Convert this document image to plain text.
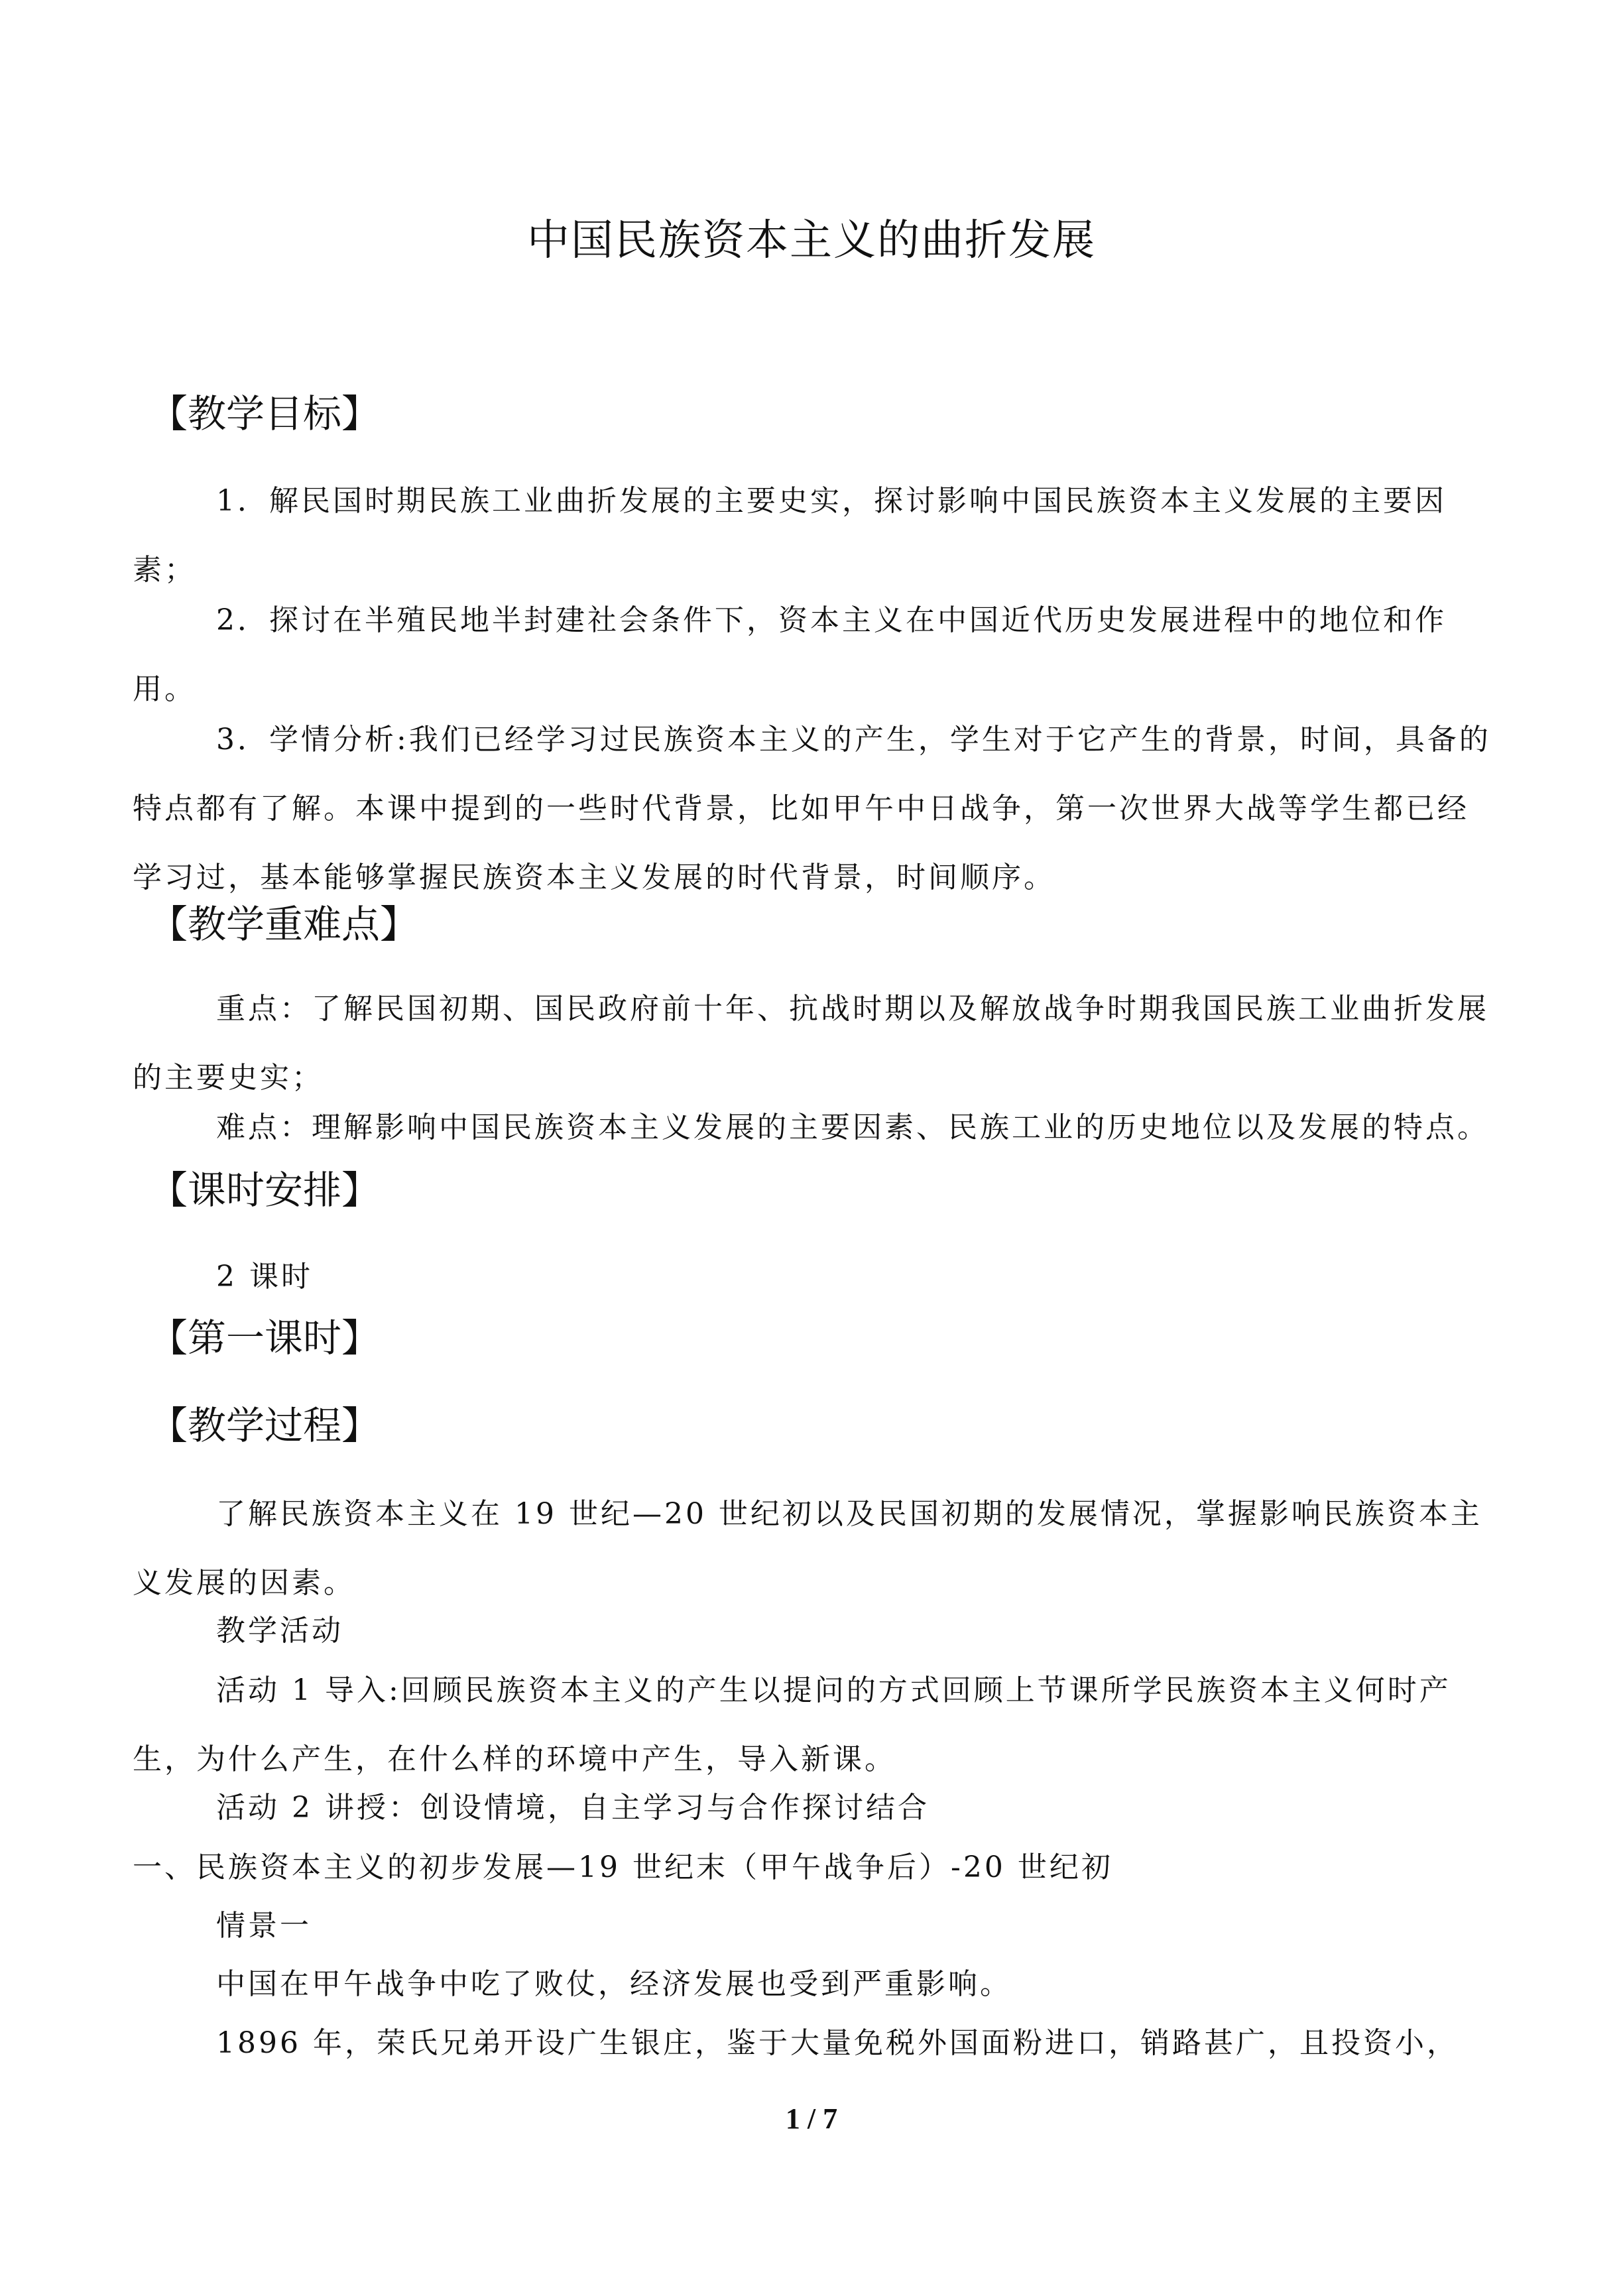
中国民族资本主义的曲折发展
【教学目标】
1．解民国时期民族工业曲折发展的主要史实，探讨影响中国民族资本主义发展的主要因素；
2．探讨在半殖民地半封建社会条件下，资本主义在中国近代历史发展进程中的地位和作用。
3．学情分析:我们已经学习过民族资本主义的产生，学生对于它产生的背景，时间，具备的特点都有了解。本课中提到的一些时代背景，比如甲午中日战争，第一次世界大战等学生都已经学习过，基本能够掌握民族资本主义发展的时代背景，时间顺序。
【教学重难点】
重点：了解民国初期、国民政府前十年、抗战时期以及解放战争时期我国民族工业曲折发展的主要史实；
难点：理解影响中国民族资本主义发展的主要因素、民族工业的历史地位以及发展的特点。
【课时安排】
2 课时
【第一课时】
【教学过程】
了解民族资本主义在 19 世纪—20 世纪初以及民国初期的发展情况，掌握影响民族资本主义发展的因素。
教学活动
活动 1 导入:回顾民族资本主义的产生以提问的方式回顾上节课所学民族资本主义何时产生，为什么产生，在什么样的环境中产生，导入新课。
活动 2 讲授：创设情境，自主学习与合作探讨结合
一、民族资本主义的初步发展—19 世纪末（甲午战争后）-20 世纪初
情景一
中国在甲午战争中吃了败仗，经济发展也受到严重影响。
1896 年，荣氏兄弟开设广生银庄，鉴于大量免税外国面粉进口，销路甚广，且投资小，
1 / 7
